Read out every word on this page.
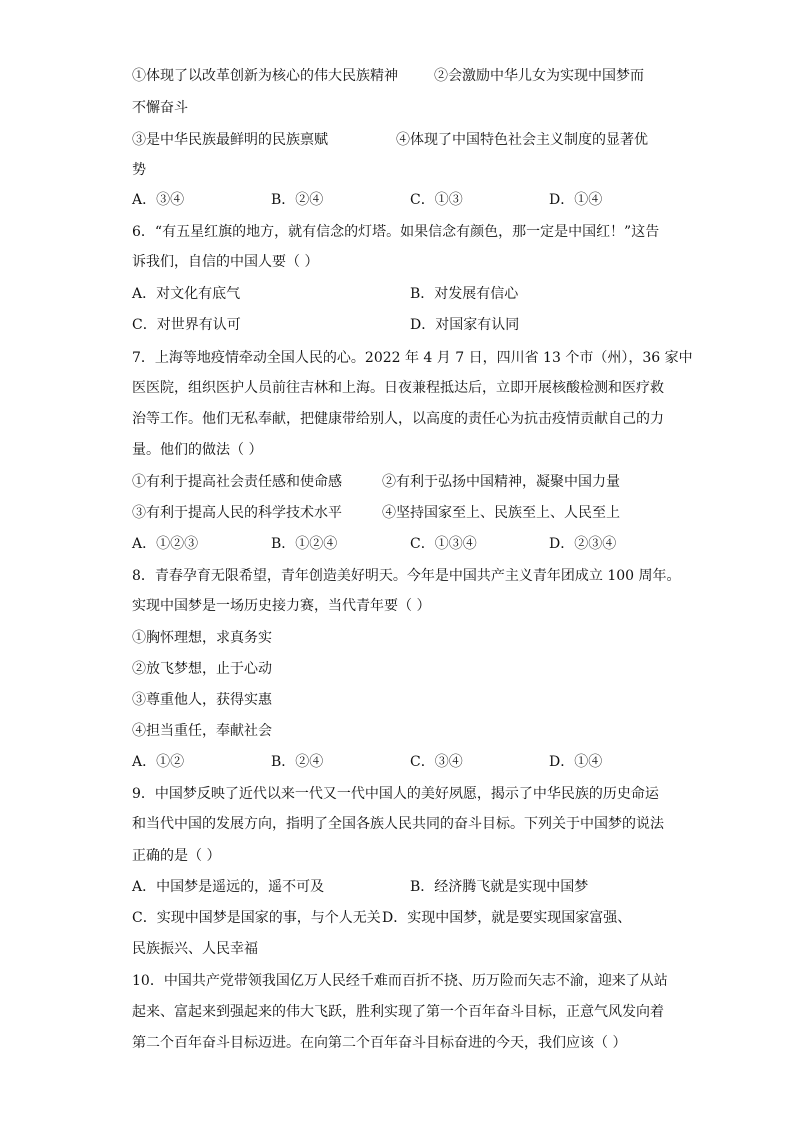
①体现了以改革创新为核心的伟大民族精神	②会激励中华儿女为实现中国梦而
不懈奋斗
③是中华民族最鲜明的民族禀赋	④体现了中国特色社会主义制度的显著优
势
A．③④	B．②④	C．①③	D．①④
6．“有五星红旗的地方，就有信念的灯塔。如果信念有颜色，那一定是中国红！”这告
诉我们，自信的中国人要（ ）
A．对文化有底气	B．对发展有信心
C．对世界有认可	D．对国家有认同
7．上海等地疫情牵动全国人民的心。2022 年 4 月 7 日，四川省 13 个市（州），36 家中
医医院，组织医护人员前往吉林和上海。日夜兼程抵达后，立即开展核酸检测和医疗救
治等工作。他们无私奉献，把健康带给别人，以高度的责任心为抗击疫情贡献自己的力
量。他们的做法（ ）
①有利于提高社会责任感和使命感	②有利于弘扬中国精神，凝聚中国力量
③有利于提高人民的科学技术水平	④坚持国家至上、民族至上、人民至上
A．①②③	B．①②④	C．①③④	D．②③④
8．青春孕育无限希望，青年创造美好明天。今年是中国共产主义青年团成立 100 周年。
实现中国梦是一场历史接力赛，当代青年要（ ）
①胸怀理想，求真务实
②放飞梦想，止于心动
③尊重他人，获得实惠
④担当重任，奉献社会
A．①②	B．②④	C．③④	D．①④
9．中国梦反映了近代以来一代又一代中国人的美好夙愿，揭示了中华民族的历史命运
和当代中国的发展方向，指明了全国各族人民共同的奋斗目标。下列关于中国梦的说法
正确的是（ ）
A．中国梦是遥远的，遥不可及	B．经济腾飞就是实现中国梦
C．实现中国梦是国家的事，与个人无关 D．实现中国梦，就是要实现国家富强、
民族振兴、人民幸福
10．中国共产党带领我国亿万人民经千难而百折不挠、历万险而矢志不渝，迎来了从站
起来、富起来到强起来的伟大飞跃，胜利实现了第一个百年奋斗目标，正意气风发向着
第二个百年奋斗目标迈进。在向第二个百年奋斗目标奋进的今天，我们应该（ ）
